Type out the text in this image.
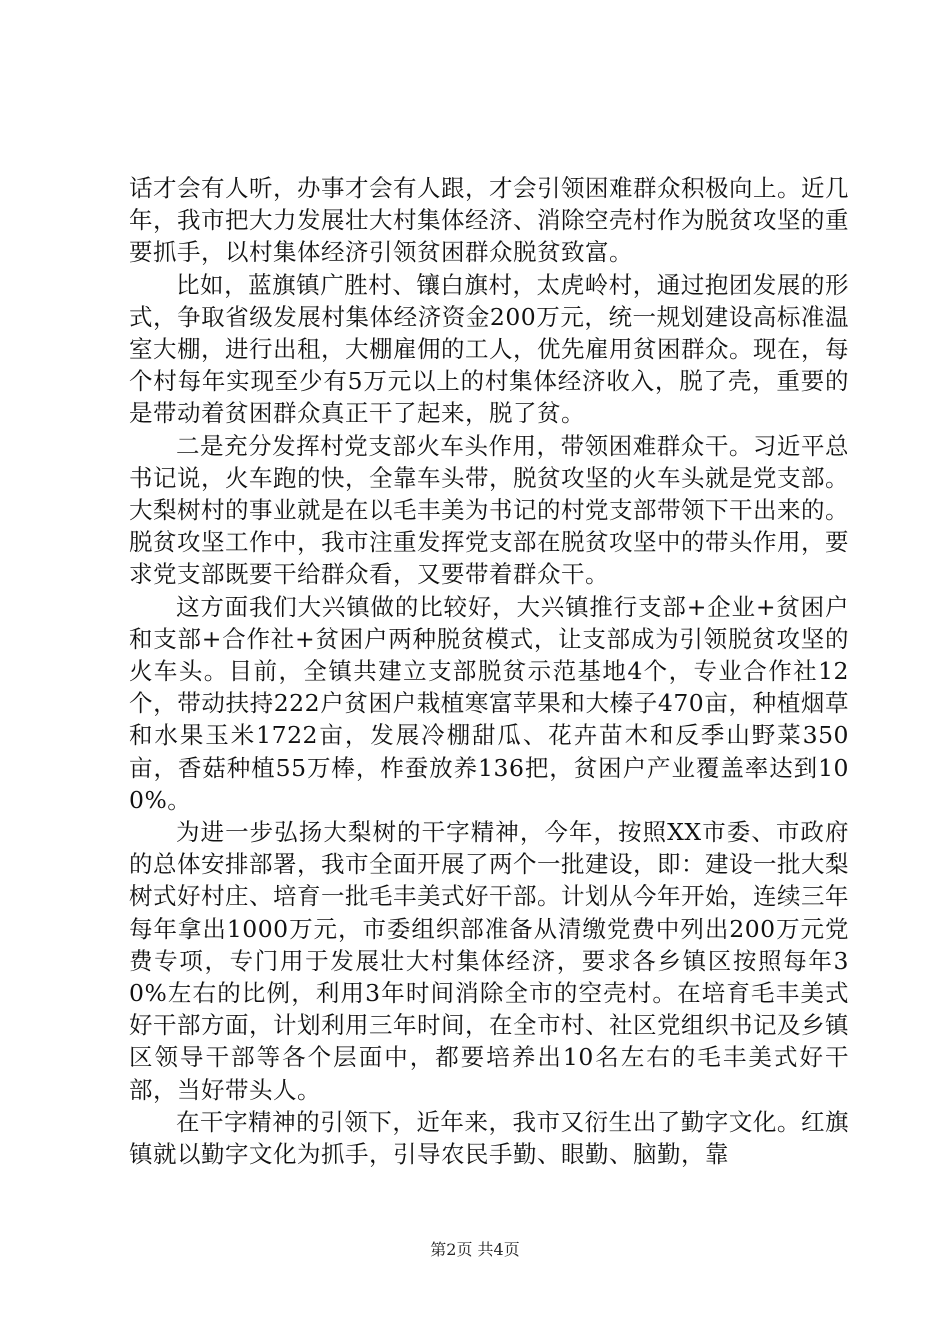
话才会有人听，办事才会有人跟，才会引领困难群众积极向上。近几年，我市把大力发展壮大村集体经济、消除空壳村作为脱贫攻坚的重要抓手，以村集体经济引领贫困群众脱贫致富。

比如，蓝旗镇广胜村、镶白旗村，太虎岭村，通过抱团发展的形式，争取省级发展村集体经济资金200万元，统一规划建设高标准温室大棚，进行出租，大棚雇佣的工人，优先雇用贫困群众。现在，每个村每年实现至少有5万元以上的村集体经济收入，脱了壳，重要的是带动着贫困群众真正干了起来，脱了贫。

二是充分发挥村党支部火车头作用，带领困难群众干。习近平总书记说，火车跑的快，全靠车头带，脱贫攻坚的火车头就是党支部。大梨树村的事业就是在以毛丰美为书记的村党支部带领下干出来的。脱贫攻坚工作中，我市注重发挥党支部在脱贫攻坚中的带头作用，要求党支部既要干给群众看，又要带着群众干。

这方面我们大兴镇做的比较好，大兴镇推行支部+企业+贫困户和支部+合作社+贫困户两种脱贫模式，让支部成为引领脱贫攻坚的火车头。目前，全镇共建立支部脱贫示范基地4个，专业合作社12个，带动扶持222户贫困户栽植寒富苹果和大榛子470亩，种植烟草和水果玉米1722亩，发展冷棚甜瓜、花卉苗木和反季山野菜350亩，香菇种植55万棒，柞蚕放养136把，贫困户产业覆盖率达到100%。

为进一步弘扬大梨树的干字精神，今年，按照XX市委、市政府的总体安排部署，我市全面开展了两个一批建设，即：建设一批大梨树式好村庄、培育一批毛丰美式好干部。计划从今年开始，连续三年每年拿出1000万元，市委组织部准备从清缴党费中列出200万元党费专项，专门用于发展壮大村集体经济，要求各乡镇区按照每年30%左右的比例，利用3年时间消除全市的空壳村。在培育毛丰美式好干部方面，计划利用三年时间，在全市村、社区党组织书记及乡镇区领导干部等各个层面中，都要培养出10名左右的毛丰美式好干部，当好带头人。

在干字精神的引领下，近年来，我市又衍生出了勤字文化。红旗镇就以勤字文化为抓手，引导农民手勤、眼勤、脑勤，靠

第2页 共4页
